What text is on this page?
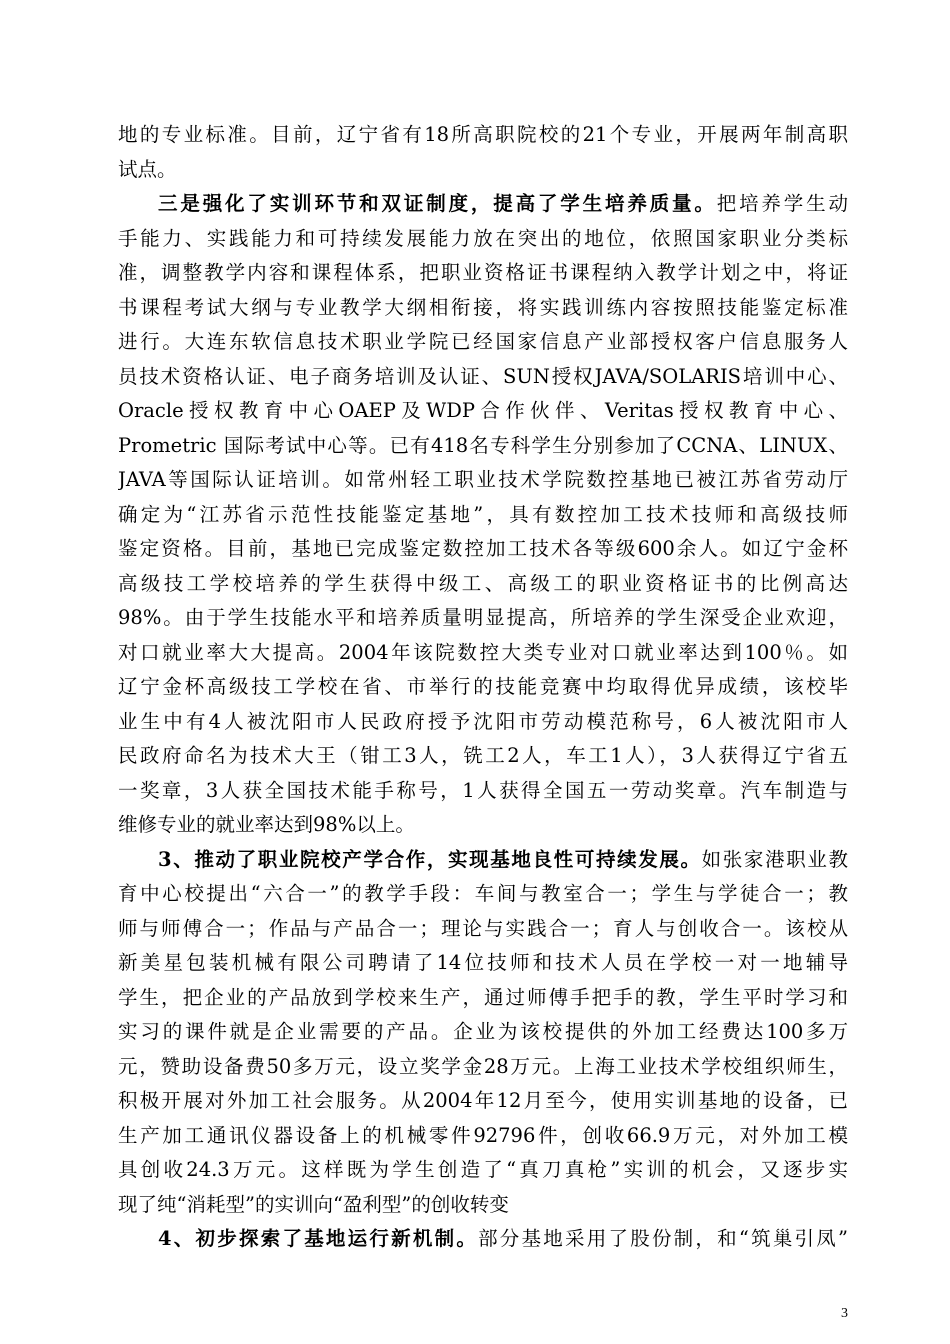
地的专业标准。目前，辽宁省有18所高职院校的21个专业，开展两年制高职
试点。
三是强化了实训环节和双证制度，提高了学生培养质量。把培养学生动
手能力、实践能力和可持续发展能力放在突出的地位，依照国家职业分类标
准，调整教学内容和课程体系，把职业资格证书课程纳入教学计划之中，将证
书课程考试大纲与专业教学大纲相衔接，将实践训练内容按照技能鉴定标准
进行。大连东软信息技术职业学院已经国家信息产业部授权客户信息服务人
员技术资格认证、电子商务培训及认证、SUN授权JAVA/SOLARIS培训中心、
Oracle授权教育中心OAEP及WDP合作伙伴、Veritas授权教育中心、
Prometric 国际考试中心等。已有418名专科学生分别参加了CCNA、LINUX、
JAVA等国际认证培训。如常州轻工职业技术学院数控基地已被江苏省劳动厅
确定为“江苏省示范性技能鉴定基地”，具有数控加工技术技师和高级技师
鉴定资格。目前，基地已完成鉴定数控加工技术各等级600余人。如辽宁金杯
高级技工学校培养的学生获得中级工、高级工的职业资格证书的比例高达
98%。由于学生技能水平和培养质量明显提高，所培养的学生深受企业欢迎，
对口就业率大大提高。2004年该院数控大类专业对口就业率达到100％。如
辽宁金杯高级技工学校在省、市举行的技能竞赛中均取得优异成绩，该校毕
业生中有4人被沈阳市人民政府授予沈阳市劳动模范称号，6人被沈阳市人
民政府命名为技术大王（钳工3人，铣工2人，车工1人），3人获得辽宁省五
一奖章，3人获全国技术能手称号，1人获得全国五一劳动奖章。汽车制造与
维修专业的就业率达到98%以上。
3、推动了职业院校产学合作，实现基地良性可持续发展。如张家港职业教
育中心校提出“六合一”的教学手段：车间与教室合一；学生与学徒合一；教
师与师傅合一；作品与产品合一；理论与实践合一；育人与创收合一。该校从
新美星包装机械有限公司聘请了14位技师和技术人员在学校一对一地辅导
学生，把企业的产品放到学校来生产，通过师傅手把手的教，学生平时学习和
实习的课件就是企业需要的产品。企业为该校提供的外加工经费达100多万
元，赞助设备费50多万元，设立奖学金28万元。上海工业技术学校组织师生，
积极开展对外加工社会服务。从2004年12月至今，使用实训基地的设备，已
生产加工通讯仪器设备上的机械零件92796件，创收66.9万元，对外加工模
具创收24.3万元。这样既为学生创造了“真刀真枪”实训的机会，又逐步实
现了纯“消耗型”的实训向“盈利型”的创收转变
4、初步探索了基地运行新机制。部分基地采用了股份制，和“筑巢引凤”
3
